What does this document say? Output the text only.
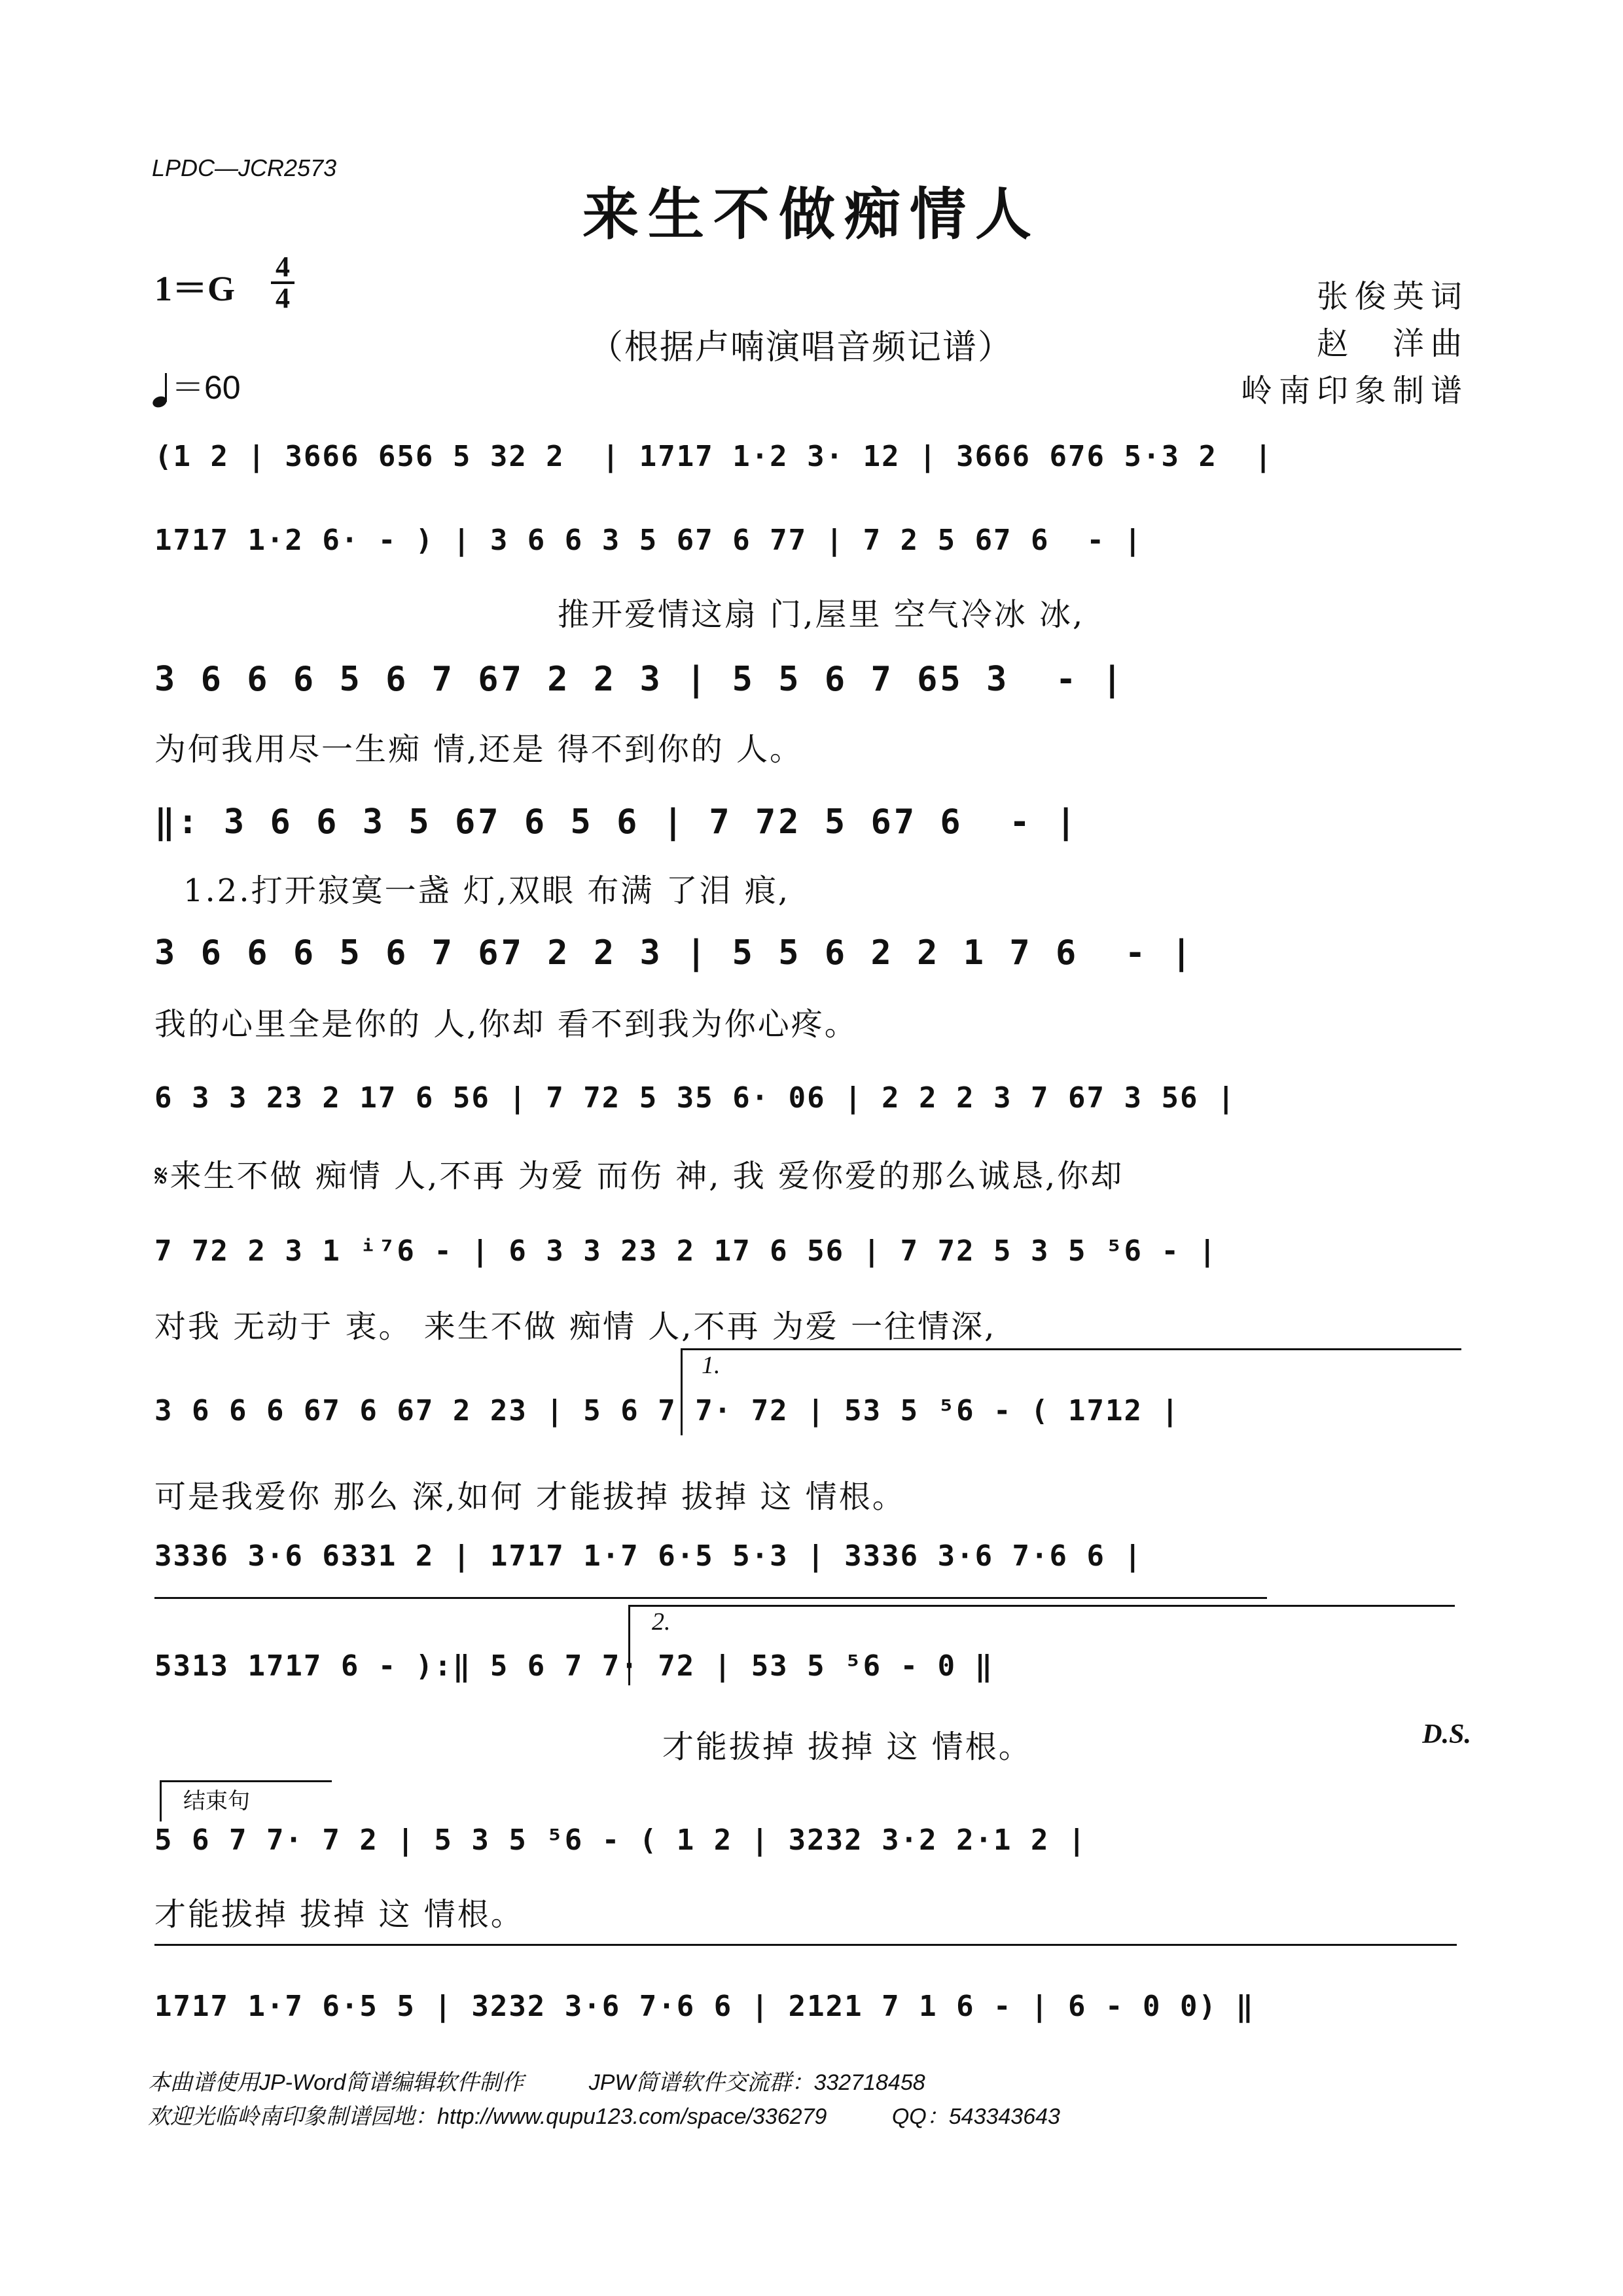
LPDC—JCR2573
来生不做痴情人
1＝G
4
4
＝60
（根据卢喃演唱音频记谱）
张俊英词
赵　洋曲
岭南印象制谱
(1 2 | 3666 656 5 32 2  | 1717 1·2 3· 12 | 3666 676 5·3 2  |
1717 1·2 6· - ) | 3 6 6 3 5 67 6 77 | 7 2 5 67 6  - |
推开爱情这扇 门,屋里 空气冷冰 冰,
3 6 6 6 5 6 7 67 2 2 3 | 5 5 6 7 65 3  - |
为何我用尽一生痴 情,还是 得不到你的 人。
‖: 3 6 6 3 5 67 6 5 6 | 7 72 5 67 6  - |
1.2.打开寂寞一盏 灯,双眼 布满 了泪 痕,
3 6 6 6 5 6 7 67 2 2 3 | 5 5 6 2 2 1 7 6  - |
我的心里全是你的 人,你却 看不到我为你心疼。
6 3 3 23 2 17 6 56 | 7 72 5 35 6· 06 | 2 2 2 3 7 67 3 56 |
𝄋来生不做 痴情 人,不再 为爱 而伤 神, 我 爱你爱的那么诚恳,你却
7 72 2 3 1 ⁱ⁷6 - | 6 3 3 23 2 17 6 56 | 7 72 5 3 5 ⁵6 - |
对我 无动于 衷。 来生不做 痴情 人,不再 为爱 一往情深,
1.
3 6 6 6 67 6 67 2 23 | 5 6 7 7· 72 | 53 5 ⁵6 - ( 1712 |
可是我爱你 那么 深,如何 才能拔掉 拔掉 这 情根。
3336 3·6 6331 2 | 1717 1·7 6·5 5·3 | 3336 3·6 7·6 6 |
2.
5313 1717 6 - ):‖ 5 6 7 7· 72 | 53 5 ⁵6 - 0 ‖
才能拔掉 拔掉 这 情根。	D.S.
结束句
5 6 7 7· 7 2 | 5 3 5 ⁵6 - ( 1 2 | 3232 3·2 2·1 2 |
才能拔掉 拔掉 这 情根。
1717 1·7 6·5 5 | 3232 3·6 7·6 6 | 2121 7 1 6 - | 6 - 0 0) ‖
本曲谱使用JP-Word简谱编辑软件制作	JPW简谱软件交流群：332718458
欢迎光临岭南印象制谱园地：http://www.qupu123.com/space/336279	QQ：543343643
